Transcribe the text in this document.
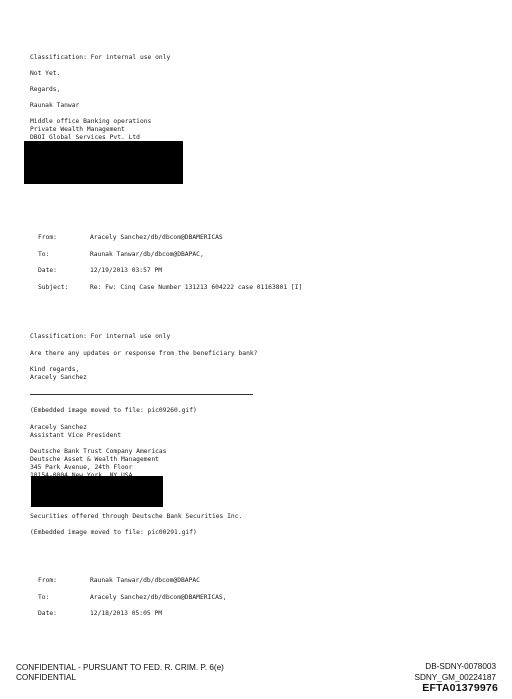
Classification: For internal use only
Not Yet.
Regards,
Raunak Tanwar
Middle office Banking operations
Private Wealth Management
DBOI Global Services Pvt. Ltd
From:	Aracely Sanchez/db/dbcom@DBAMERICAS
To:	Raunak Tanwar/db/dbcom@DBAPAC,
Date:	12/19/2013 03:57 PM
Subject:	Re: Fw: Cinq Case Number 131213 604222 case 01163801 [I]
Classification: For internal use only
Are there any updates or response from the beneficiary bank?
Kind regards,
Aracely Sanchez
(Embedded image moved to file: pic09260.gif)
Aracely Sanchez
Assistant Vice President
Deutsche Bank Trust Company Americas
Deutsche Asset & Wealth Management
345 Park Avenue, 24th Floor
Securities offered through Deutsche Bank Securities Inc.
(Embedded image moved to file: pic00291.gif)
From:	Raunak Tanwar/db/dbcom@DBAPAC
To:	Aracely Sanchez/db/dbcom@DBAMERICAS,
Date:	12/18/2013 05:05 PM
CONFIDENTIAL - PURSUANT TO FED. R. CRIM. P. 6(e)
CONFIDENTIAL
DB-SDNY-0078003
SDNY_GM_00224187
EFTA01379976
